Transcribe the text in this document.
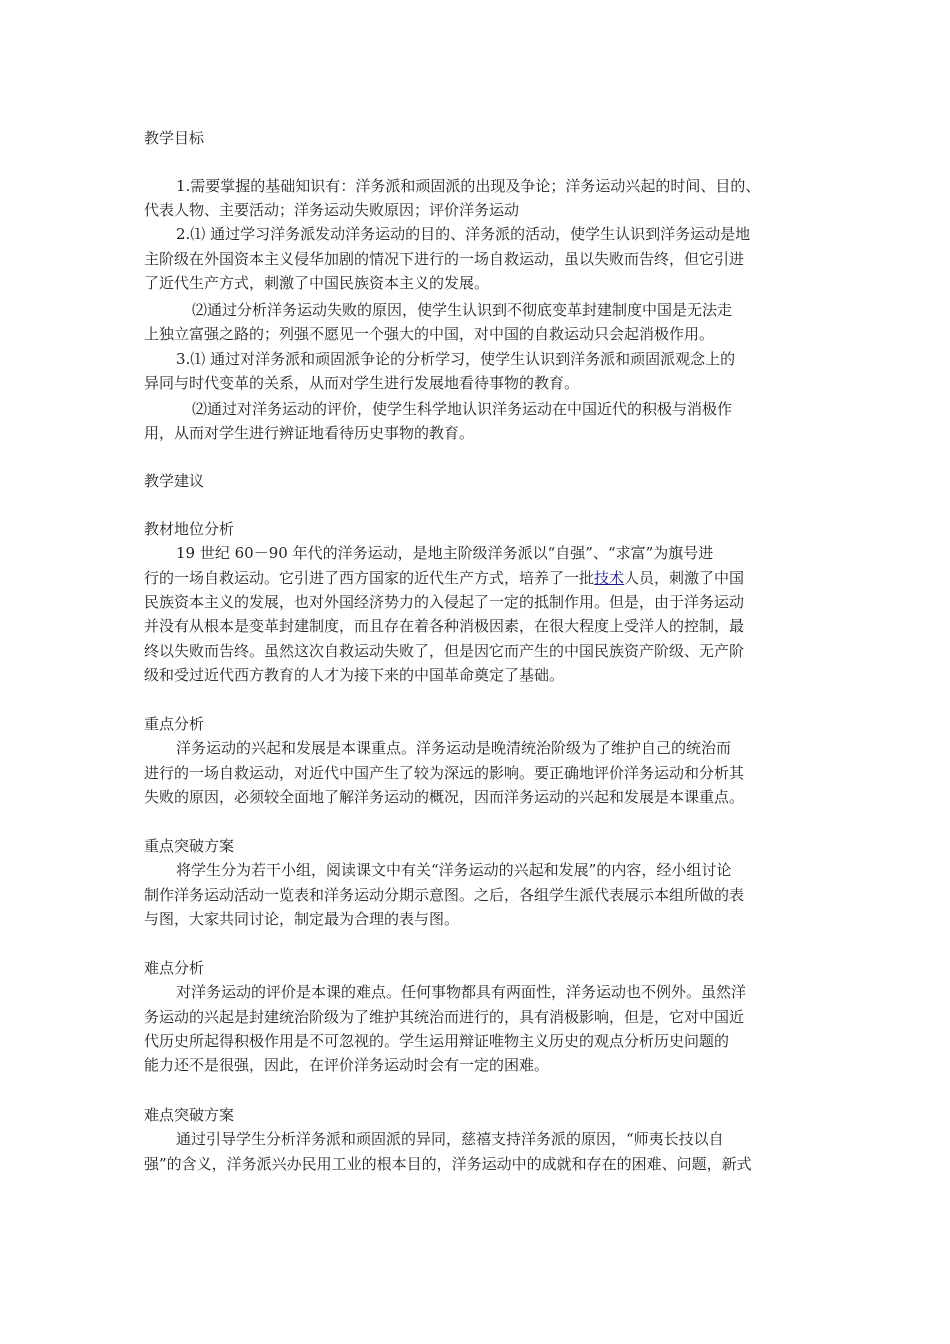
教学目标
1.需要掌握的基础知识有：洋务派和顽固派的出现及争论；洋务运动兴起的时间、目的、
代表人物、主要活动；洋务运动失败原因；评价洋务运动
2.⑴ 通过学习洋务派发动洋务运动的目的、洋务派的活动，使学生认识到洋务运动是地
主阶级在外国资本主义侵华加剧的情况下进行的一场自救运动，虽以失败而告终，但它引进
了近代生产方式，刺激了中国民族资本主义的发展。
⑵通过分析洋务运动失败的原因，使学生认识到不彻底变革封建制度中国是无法走
上独立富强之路的；列强不愿见一个强大的中国，对中国的自救运动只会起消极作用。
3.⑴ 通过对洋务派和顽固派争论的分析学习，使学生认识到洋务派和顽固派观念上的
异同与时代变革的关系，从而对学生进行发展地看待事物的教育。
⑵通过对洋务运动的评价，使学生科学地认识洋务运动在中国近代的积极与消极作
用，从而对学生进行辨证地看待历史事物的教育。
教学建议
教材地位分析
19 世纪 60－90 年代的洋务运动，是地主阶级洋务派以“自强”、“求富”为旗号进
行的一场自救运动。它引进了西方国家的近代生产方式，培养了一批技术人员，刺激了中国
民族资本主义的发展，也对外国经济势力的入侵起了一定的抵制作用。但是，由于洋务运动
并没有从根本是变革封建制度，而且存在着各种消极因素，在很大程度上受洋人的控制，最
终以失败而告终。虽然这次自救运动失败了，但是因它而产生的中国民族资产阶级、无产阶
级和受过近代西方教育的人才为接下来的中国革命奠定了基础。
重点分析
洋务运动的兴起和发展是本课重点。洋务运动是晚清统治阶级为了维护自己的统治而
进行的一场自救运动，对近代中国产生了较为深远的影响。要正确地评价洋务运动和分析其
失败的原因，必须较全面地了解洋务运动的概况，因而洋务运动的兴起和发展是本课重点。
重点突破方案
将学生分为若干小组，阅读课文中有关“洋务运动的兴起和发展”的内容，经小组讨论
制作洋务运动活动一览表和洋务运动分期示意图。之后，各组学生派代表展示本组所做的表
与图，大家共同讨论，制定最为合理的表与图。
难点分析
对洋务运动的评价是本课的难点。任何事物都具有两面性，洋务运动也不例外。虽然洋
务运动的兴起是封建统治阶级为了维护其统治而进行的，具有消极影响，但是，它对中国近
代历史所起得积极作用是不可忽视的。学生运用辩证唯物主义历史的观点分析历史问题的
能力还不是很强，因此，在评价洋务运动时会有一定的困难。
难点突破方案
通过引导学生分析洋务派和顽固派的异同，慈禧支持洋务派的原因，“师夷长技以自
强”的含义，洋务派兴办民用工业的根本目的，洋务运动中的成就和存在的困难、问题，新式
